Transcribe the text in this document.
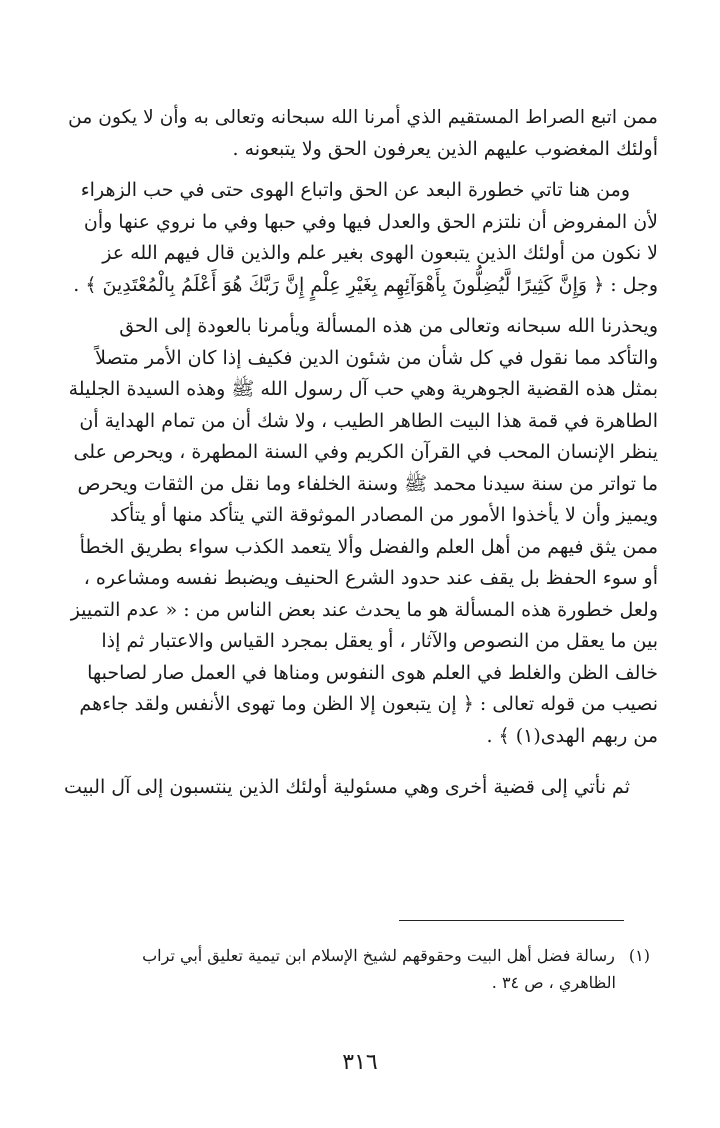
ممن اتبع الصراط المستقيم الذي أمرنا الله سبحانه وتعالى به وأن لا يكون من
أولئك المغضوب عليهم الذين يعرفون الحق ولا يتبعونه .
ومن هنا تاتي خطورة البعد عن الحق واتباع الهوى حتى في حب الزهراء
لأن المفروض أن نلتزم الحق والعدل فيها وفي حبها وفي ما نروي عنها وأن
لا نكون من أولئك الذين يتبعون الهوى بغير علم والذين قال فيهم الله عز
وجل : ﴿ وَإِنَّ كَثِيرًا لَّيُضِلُّونَ بِأَهْوَآئِهِم بِغَيْرِ عِلْمٍ إِنَّ رَبَّكَ هُوَ أَعْلَمُ بِالْمُعْتَدِينَ ﴾ .
ويحذرنا الله سبحانه وتعالى من هذه المسألة ويأمرنا بالعودة إلى الحق
والتأكد مما نقول في كل شأن من شئون الدين فكيف إذا كان الأمر متصلاً
بمثل هذه القضية الجوهرية وهي حب آل رسول الله ﷺ وهذه السيدة الجليلة
الطاهرة في قمة هذا البيت الطاهر الطيب ، ولا شك أن من تمام الهداية أن
ينظر الإنسان المحب في القرآن الكريم وفي السنة المطهرة ، ويحرص على
ما تواتر من سنة سيدنا محمد ﷺ وسنة الخلفاء وما نقل من الثقات ويحرص
ويميز وأن لا يأخذوا الأمور من المصادر الموثوقة التي يتأكد منها أو يتأكد
ممن يثق فيهم من أهل العلم والفضل وألا يتعمد الكذب سواء بطريق الخطأ
أو سوء الحفظ بل يقف عند حدود الشرع الحنيف ويضبط نفسه ومشاعره ،
ولعل خطورة هذه المسألة هو ما يحدث عند بعض الناس من : « عدم التمييز
بين ما يعقل من النصوص والآثار ، أو يعقل بمجرد القياس والاعتبار ثم إذا
خالف الظن والغلط في العلم هوى النفوس ومناها في العمل صار لصاحبها
نصيب من قوله تعالى : ﴿ إن يتبعون إلا الظن وما تهوى الأنفس ولقد جاءهم
من ربهم الهدى(١) ﴾ .
ثم نأتي إلى قضية أخرى وهي مسئولية أولئك الذين ينتسبون إلى آل البيت
(١)رسالة فضل أهل البيت وحقوقهم لشيخ الإسلام ابن تيمية تعليق أبي تراب
الظاهري ، ص ٣٤ .
٣١٦
